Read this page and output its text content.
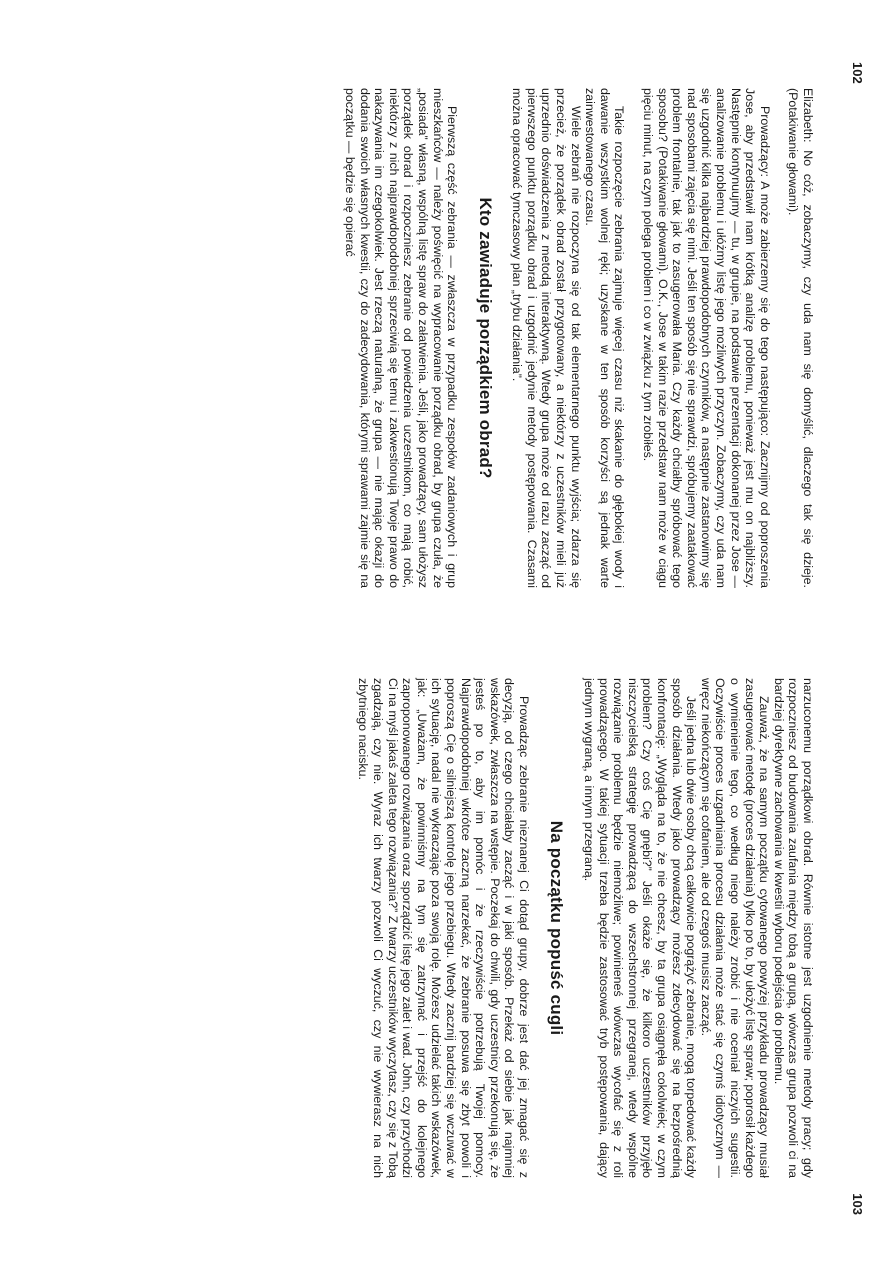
102

Elizabeth: No cóż, zobaczymy, czy uda nam się domyślić, dlaczego tak się dzieje. (Potakiwanie głowami).

Prowadzący: A może zabierzemy się do tego następująco: Zacznijmy od poproszenia Jose, aby przedstawił nam krótką analizę problemu, ponieważ jest mu on najbliższy. Następnie kontynuujmy — tu, w grupie, na podstawie prezentacji dokonanej przez Jose — analizowanie problemu i ułóżmy listę jego możliwych przyczyn. Zobaczymy, czy uda nam się uzgodnić kilka najbardziej prawdopodobnych czynników, a następnie zastanowimy się nad sposobami zajęcia się nimi. Jeśli ten sposób się nie sprawdzi, spróbujemy zaatakować problem frontalnie, tak jak to zasugerowała Maria. Czy każdy chciałby spróbować tego sposobu? (Potakiwanie głowami). O.K., Jose w takim razie przedstaw nam może w ciągu pięciu minut, na czym polega problem i co w związku z tym zrobiłeś.

Takie rozpoczęcie zebrania zajmuje więcej czasu niż skakanie do głębokiej wody i dawanie wszystkim wolnej ręki; uzyskane w ten sposób korzyści są jednak warte zainwestowanego czasu.

Wiele zebrań nie rozpoczyna się od tak elementarnego punktu wyjścia; zdarza się przecież, że porządek obrad został przygotowany, a niektórzy z uczestników mieli już uprzednio doświadczenia z metodą interaktywną. Wtedy grupa może od razu zacząć od pierwszego punktu porządku obrad i uzgodnić jedynie metody postępowania. Czasami można opracować tymczasowy plan „trybu działania”.

Kto zawiaduje porządkiem obrad?

Pierwszą część zebrania — zwłaszcza w przypadku zespołów zadaniowych i grup mieszkańców — należy poświęcić na wypracowanie porządku obrad, by grupa czuła, że „posiada” własną, wspólną listę spraw do załatwienia. Jeśli, jako prowadzący, sam ułożysz porządek obrad i rozpoczniesz zebranie od powiedzenia uczestnikom, co mają robić, niektórzy z nich najprawdopodobniej sprzeciwią się temu i zakwestionują Twoje prawo do nakazywania im czegokolwiek. Jest rzeczą naturalną, że grupa — nie mając okazji do dodania swoich własnych kwestii, czy do zadecydowania, którymi sprawami zajmie się na początku — będzie się opierać

103

narzuconemu porządkowi obrad. Równie istotne jest uzgodnienie metody pracy; gdy rozpoczniesz od budowania zaufania między tobą a grupą, wówczas grupa pozwoli ci na bardziej dyrektywne zachowania w kwestii wyboru podejścia do problemu.

Zauważ, że na samym początku cytowanego powyżej przykładu prowadzący musiał zasugerować metodę (proces działania) tylko po to, by ułożyć listę spraw; poprosił każdego o wymienienie tego, co według niego należy zrobić i nie oceniał niczyich sugestii. Oczywiście proces uzgadniania procesu działania może stać się czymś idiotycznym — wręcz niekończącym się cofaniem, ale od czegoś musisz zacząć.

Jeśli jedna lub dwie osoby chcą całkowicie pogrążyć zebranie, mogą torpedować każdy sposób działania. Wtedy jako prowadzący możesz zdecydować się na bezpośrednią konfrontację: „Wygląda na to, że nie chcesz, by ta grupa osiągnęła cokolwiek; w czym problem? Czy coś Cię gnębi?” Jeśli okaże się, że kilkoro uczestników przyjęło niszczycielską strategię prowadzącą do wszechstronnej przegranej, wtedy wspólne rozwiązanie problemu będzie niemożliwe; powinieneś wówczas wycofać się z roli prowadzącego. W takiej sytuacji trzeba będzie zastosować tryb postępowania, dający jednym wygraną, a innym przegraną.

Na początku popuść cugli

Prowadząc zebranie nieznanej Ci dotąd grupy, dobrze jest dać jej zmagać się z decyzją, od czego chciałaby zacząć i w jaki sposób. Przekaż od siebie jak najmniej wskazówek, zwłaszcza na wstępie. Poczekaj do chwili, gdy uczestnicy przekonują się, że jesteś po to, aby im pomóc i że rzeczywiście potrzebują Twojej pomocy. Najprawdopodobniej wkrótce zaczną narzekać, że zebranie posuwa się zbyt powoli i poproszą Cię o silniejszą kontrolę jego przebiegu. Wtedy zacznij bardziej się wczuwać w ich sytuację, nadal nie wykraczając poza swoją rolę. Możesz udzielać takich wskazówek, jak: „Uważam, że powinniśmy na tym się zatrzymać i przejść do kolejnego zaproponowanego rozwiązania oraz sporządzić listę jego zalet i wad. John, czy przychodzi Ci na myśl jakaś zaleta tego rozwiązania?” Z twarzy uczestników wyczytasz, czy się z Tobą zgadzają, czy nie. Wyraz ich twarzy pozwoli Ci wyczuć, czy nie wywierasz na nich zbytniego nacisku.
